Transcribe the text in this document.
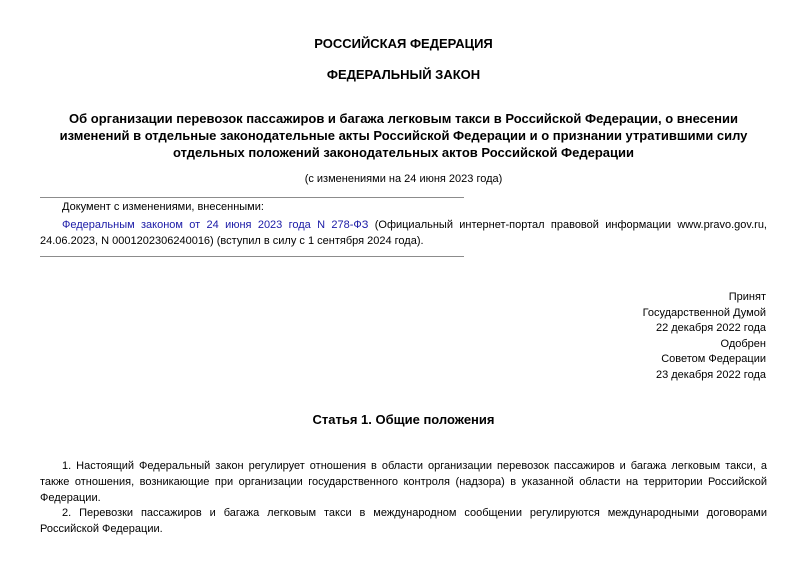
РОССИЙСКАЯ ФЕДЕРАЦИЯ
ФЕДЕРАЛЬНЫЙ ЗАКОН
Об организации перевозок пассажиров и багажа легковым такси в Российской Федерации, о внесении изменений в отдельные законодательные акты Российской Федерации и о признании утратившими силу отдельных положений законодательных актов Российской Федерации
(с изменениями на 24 июня 2023 года)
Документ с изменениями, внесенными:
Федеральным законом от 24 июня 2023 года N 278-ФЗ (Официальный интернет-портал правовой информации www.pravo.gov.ru, 24.06.2023, N 0001202306240016) (вступил в силу с 1 сентября 2024 года).
Принят
Государственной Думой
22 декабря 2022 года
Одобрен
Советом Федерации
23 декабря 2022 года
Статья 1. Общие положения
1. Настоящий Федеральный закон регулирует отношения в области организации перевозок пассажиров и багажа легковым такси, а также отношения, возникающие при организации государственного контроля (надзора) в указанной области на территории Российской Федерации.
2. Перевозки пассажиров и багажа легковым такси в международном сообщении регулируются международными договорами Российской Федерации.
